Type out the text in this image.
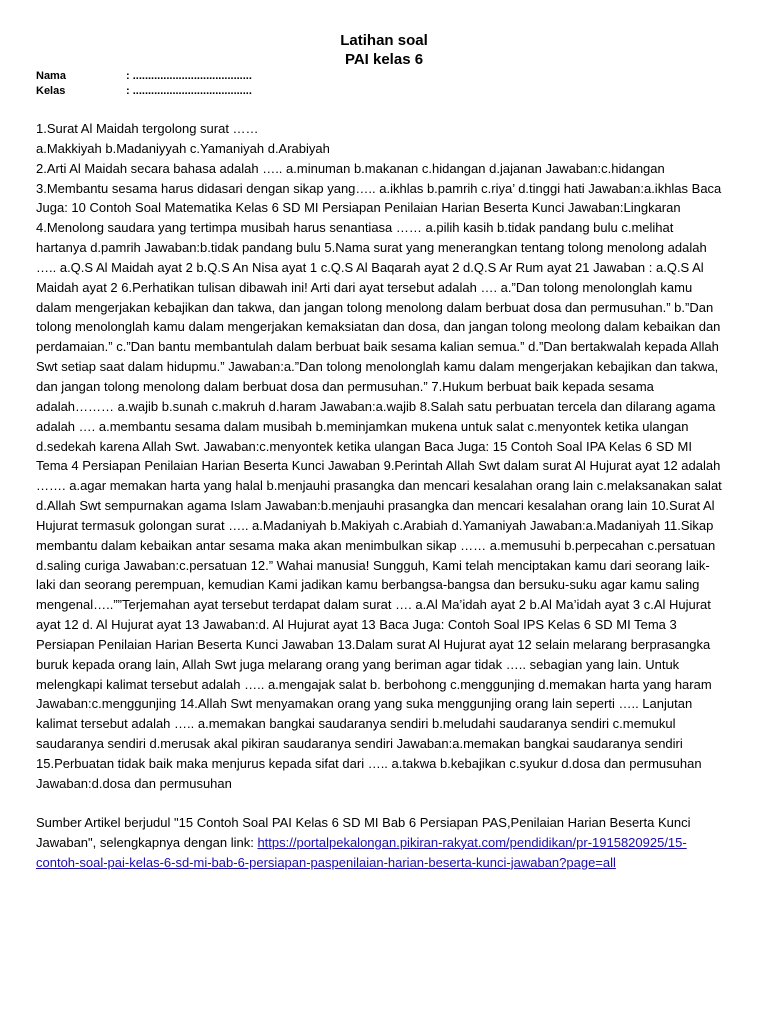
Latihan soal
PAI kelas 6
Nama	: .......................................
Kelas	: .......................................
1.Surat Al Maidah tergolong surat ……
a.Makkiyah b.Madaniyyah c.Yamaniyah d.Arabiyah
2.Arti Al Maidah secara bahasa adalah ….. a.minuman b.makanan c.hidangan d.jajanan Jawaban:c.hidangan
3.Membantu sesama harus didasari dengan sikap yang….. a.ikhlas b.pamrih c.riya’ d.tinggi hati Jawaban:a.ikhlas Baca
Juga: 10 Contoh Soal Matematika Kelas 6 SD MI Persiapan Penilaian Harian Beserta Kunci Jawaban:Lingkaran
4.Menolong saudara yang tertimpa musibah harus senantiasa …… a.pilih kasih b.tidak pandang bulu c.melihat
hartanya d.pamrih Jawaban:b.tidak pandang bulu 5.Nama surat yang menerangkan tentang tolong menolong adalah
….. a.Q.S Al Maidah ayat 2 b.Q.S An Nisa ayat 1 c.Q.S Al Baqarah ayat 2 d.Q.S Ar Rum ayat 21 Jawaban : a.Q.S Al
Maidah ayat 2 6.Perhatikan tulisan dibawah ini! Arti dari ayat tersebut adalah …. a.”Dan tolong menolonglah kamu
dalam mengerjakan kebajikan dan takwa, dan jangan tolong menolong dalam berbuat dosa dan permusuhan.” b.”Dan
tolong menolonglah kamu dalam mengerjakan kemaksiatan dan dosa, dan jangan tolong meolong dalam kebaikan dan
perdamaian.” c.”Dan bantu membantulah dalam berbuat baik sesama kalian semua.” d.”Dan bertakwalah kepada Allah
Swt setiap saat dalam hidupmu.” Jawaban:a.”Dan tolong menolonglah kamu dalam mengerjakan kebajikan dan takwa,
dan jangan tolong menolong dalam berbuat dosa dan permusuhan.” 7.Hukum berbuat baik kepada sesama
adalah……… a.wajib b.sunah c.makruh d.haram Jawaban:a.wajib 8.Salah satu perbuatan tercela dan dilarang agama
adalah …. a.membantu sesama dalam musibah b.meminjamkan mukena untuk salat c.menyontek ketika ulangan
d.sedekah karena Allah Swt. Jawaban:c.menyontek ketika ulangan Baca Juga: 15 Contoh Soal IPA Kelas 6 SD MI
Tema 4 Persiapan Penilaian Harian Beserta Kunci Jawaban 9.Perintah Allah Swt dalam surat Al Hujurat ayat 12 adalah
……. a.agar memakan harta yang halal b.menjauhi prasangka dan mencari kesalahan orang lain c.melaksanakan salat
d.Allah Swt sempurnakan agama Islam Jawaban:b.menjauhi prasangka dan mencari kesalahan orang lain 10.Surat Al
Hujurat termasuk golongan surat ….. a.Madaniyah b.Makiyah c.Arabiah d.Yamaniyah Jawaban:a.Madaniyah 11.Sikap
membantu dalam kebaikan antar sesama maka akan menimbulkan sikap …… a.memusuhi b.perpecahan c.persatuan
d.saling curiga Jawaban:c.persatuan 12.” Wahai manusia! Sungguh, Kami telah menciptakan kamu dari seorang laik-
laki dan seorang perempuan, kemudian Kami jadikan kamu berbangsa-bangsa dan bersuku-suku agar kamu saling
mengenal…..””Terjemahan ayat tersebut terdapat dalam surat …. a.Al Ma’idah ayat 2 b.Al Ma’idah ayat 3 c.Al Hujurat
ayat 12 d. Al Hujurat ayat 13 Jawaban:d. Al Hujurat ayat 13 Baca Juga: Contoh Soal IPS Kelas 6 SD MI Tema 3
Persiapan Penilaian Harian Beserta Kunci Jawaban 13.Dalam surat Al Hujurat ayat 12 selain melarang berprasangka
buruk kepada orang lain, Allah Swt juga melarang orang yang beriman agar tidak ….. sebagian yang lain. Untuk
melengkapi kalimat tersebut adalah ….. a.mengajak salat b. berbohong c.menggunjing d.memakan harta yang haram
Jawaban:c.menggunjing 14.Allah Swt menyamakan orang yang suka menggunjing orang lain seperti ….. Lanjutan
kalimat tersebut adalah ….. a.memakan bangkai saudaranya sendiri b.meludahi saudaranya sendiri c.memukul
saudaranya sendiri d.merusak akal pikiran saudaranya sendiri Jawaban:a.memakan bangkai saudaranya sendiri
15.Perbuatan tidak baik maka menjurus kepada sifat dari ….. a.takwa b.kebajikan c.syukur d.dosa dan permusuhan
Jawaban:d.dosa dan permusuhan
Sumber Artikel berjudul "15 Contoh Soal PAI Kelas 6 SD MI Bab 6 Persiapan PAS,Penilaian Harian Beserta Kunci
Jawaban", selengkapnya dengan link: https://portalpekalongan.pikiran-rakyat.com/pendidikan/pr-1915820925/15-
contoh-soal-pai-kelas-6-sd-mi-bab-6-persiapan-paspenilaian-harian-beserta-kunci-jawaban?page=all
